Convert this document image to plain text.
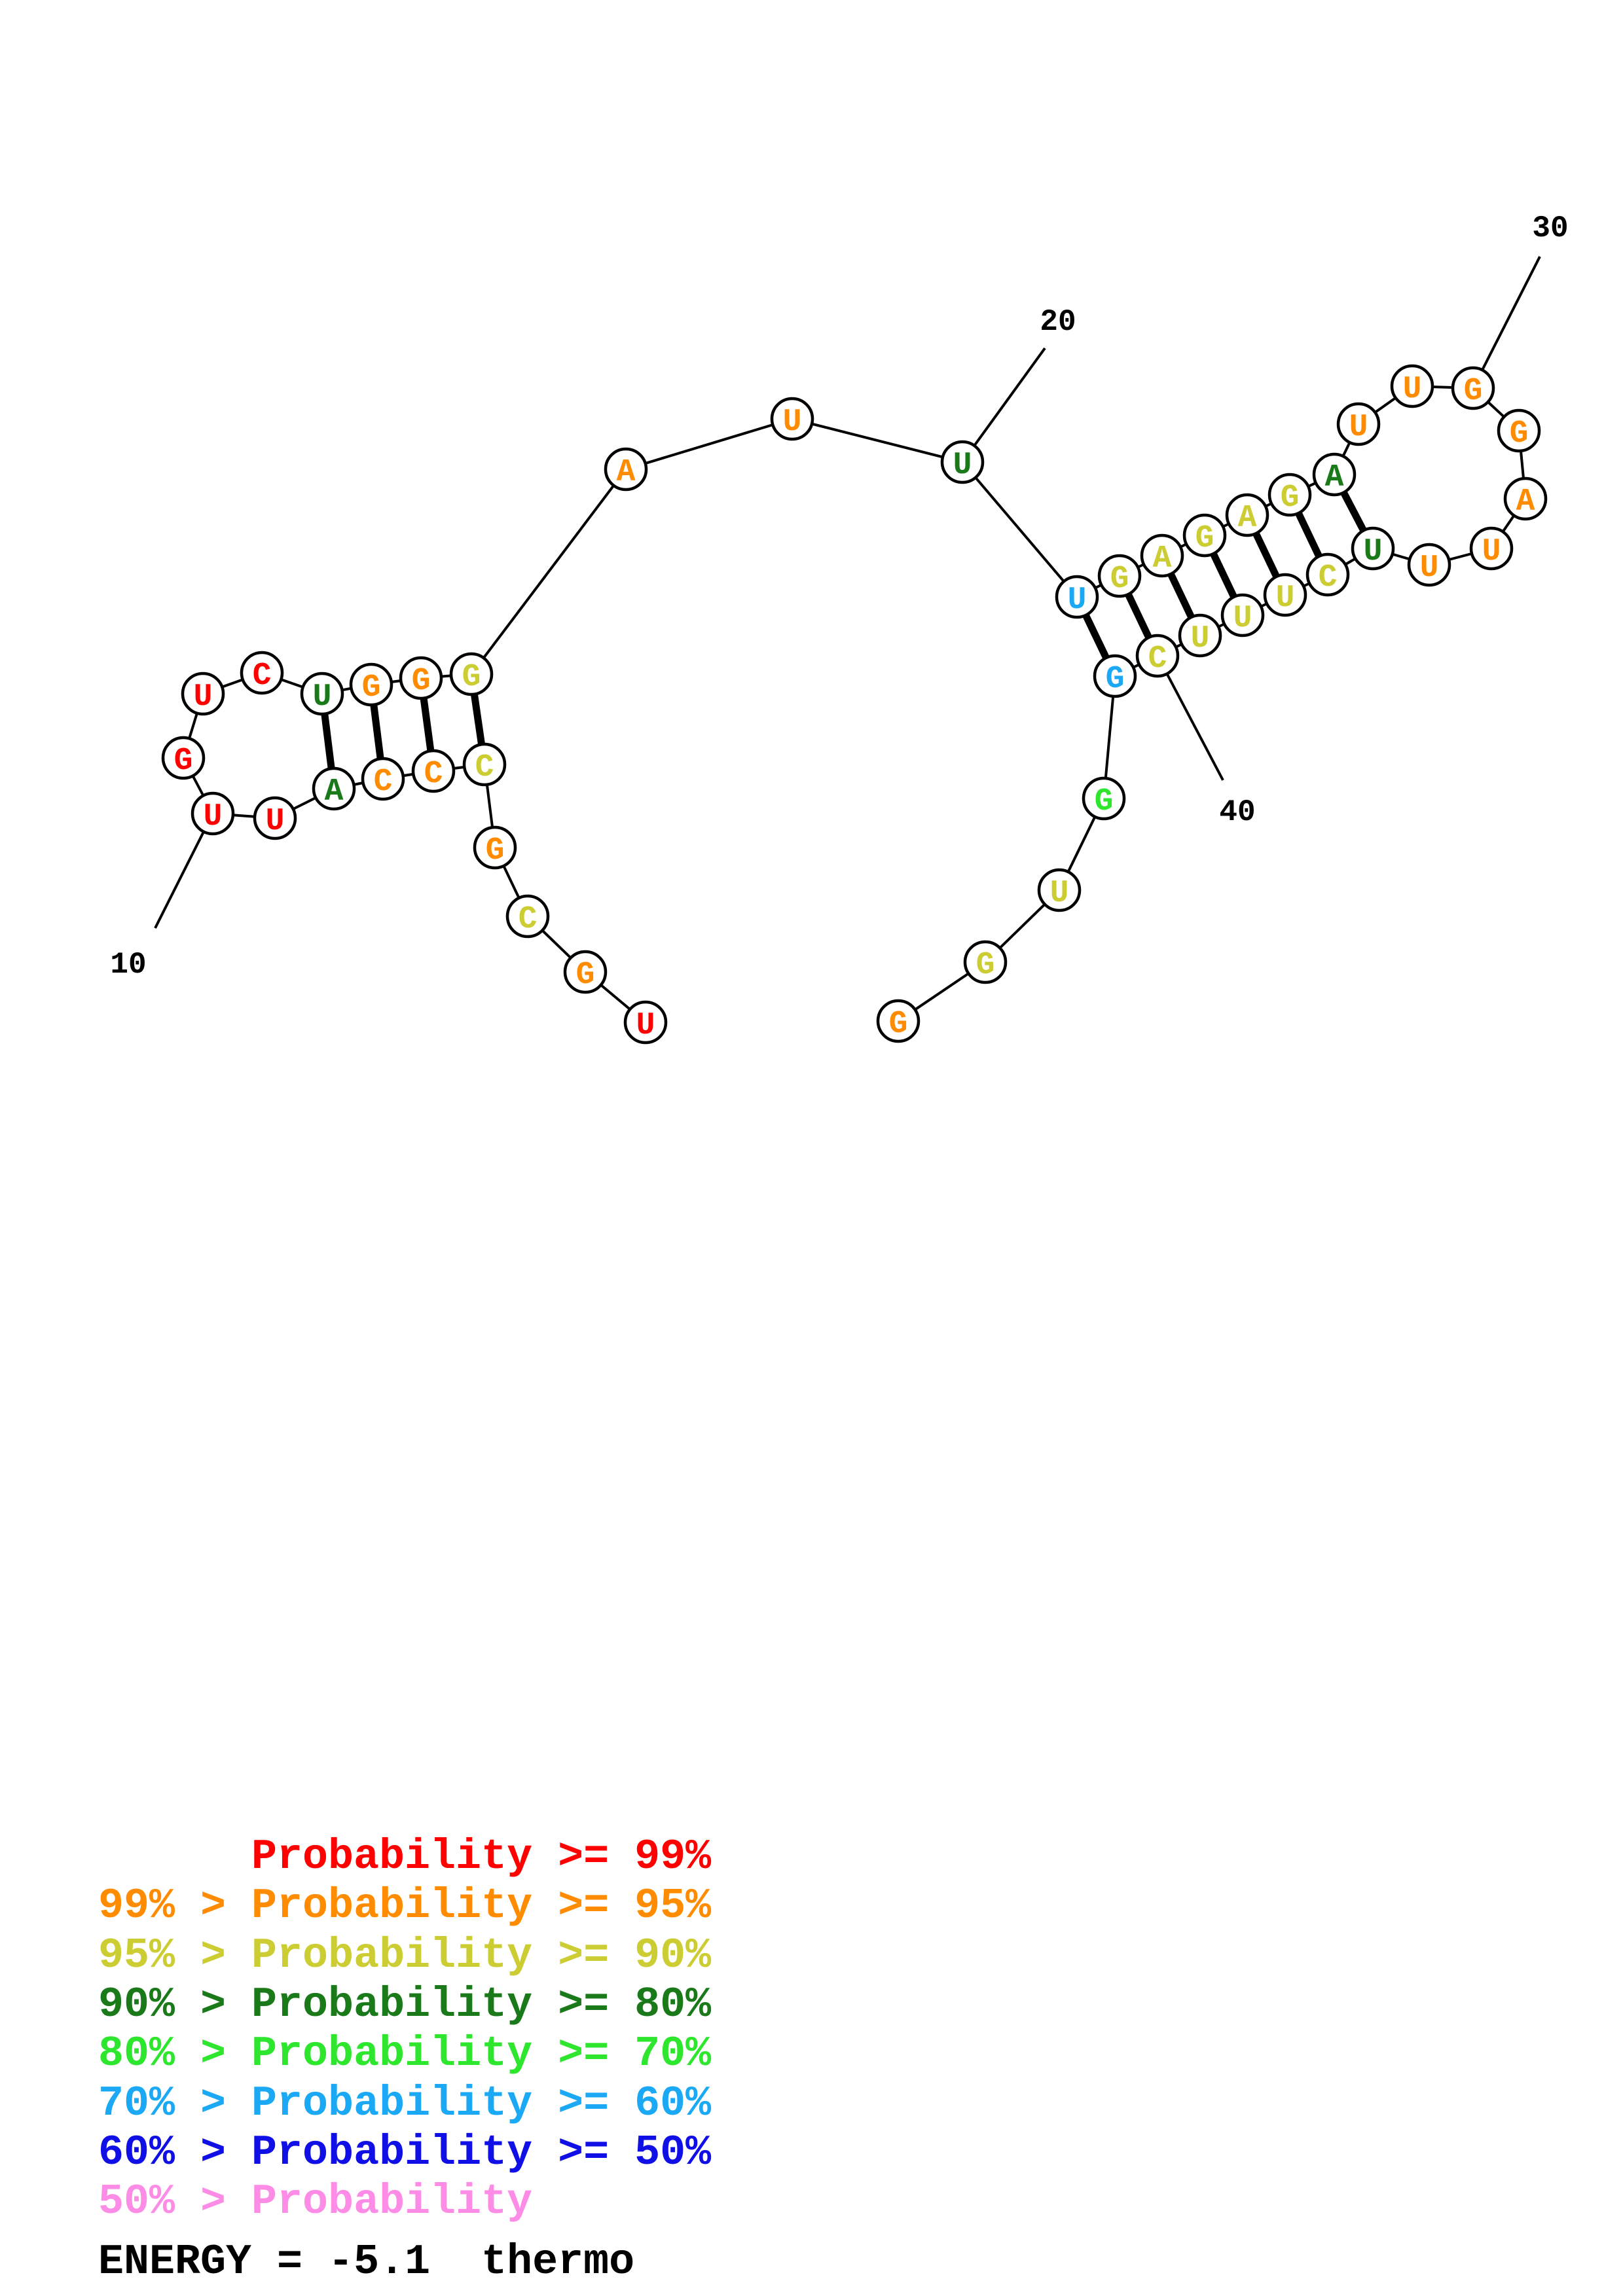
U
G
C
G
C
C
C
A
U
U
G
U
C
U G G G
A
U
U
U
G
A
G
A
G
A
U
U G
G
A
U
U
U
C
U
U
U
C
G
G
U
G
G
10
20
30
40
Probability >= 99%
99% > Probability >= 95%
95% > Probability >= 90%
90% > Probability >= 80%
80% > Probability >= 70%
70% > Probability >= 60%
60% > Probability >= 50%
50% > Probability
ENERGY = -5.1  thermo
